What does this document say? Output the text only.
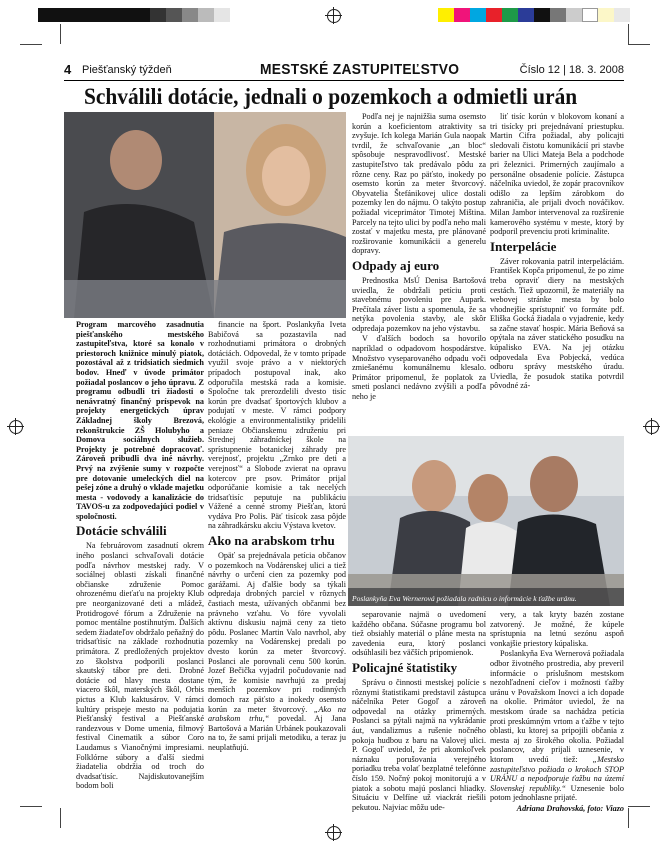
4 Piešťanský týždeň	MESTSKÉ ZASTUPITEĽSTVO	Číslo 12 | 18. 3. 2008
Schválili dotácie, jednali o pozemkoch a odmietli urán

Program marcového zasadnutia piešťanského mestského zastupiteľstva, ktoré sa konalo v priestoroch knižnice minulý piatok, pozostával až z tridsiatich siedmich bodov. Hneď v úvode primátor požiadal poslancov o jeho úpravu. Z programu odbudli tri žiadosti o nenávratný finančný príspevok na projekty energetických úprav Základnej školy Brezová, rekonštrukcie ZŠ Holubyho a Domova sociálnych služieb. Projekty je potrebné dopracovať. Zároveň pribudli dva iné návrhy. Prvý na zvýšenie sumy v rozpočte pre dotovanie umeleckých diel na pešej zóne a druhý o vklade majetku mesta - vodovody a kanalizácie do TAVOS-u za zodpovedajúci podiel v spoločnosti.

Dotácie schválili

Na februárovom zasadnutí okrem iného poslanci schvaľovali dotácie podľa návrhov mestskej rady. V sociálnej oblasti získali finančné občianske združenie Pomoc ohrozenému dieťaťu na projekty Klub pre neorganizované deti a mládež, Protidrogové fórum a Združenie na pomoc mentálne postihnutým. Ďalších sedem žiadateľov obdržalo peňažný do tridsaťtisíc na základe rozhodnutia primátora. Z predložených projektov zo školstva podporili poslanci skautský tábor pre deti. Drobné dotácie od hlavy mesta dostane viacero škôl, materských škôl, Orbis pictus a Klub kaktusárov. V rámci kultúry prispeje mesto na podujatia Piešťanský festival a Piešťanské randezvous v Dome umenia, filmový festival Cinematik a súbor Coro Laudamus s Vianočnými impresiami. Folklórne súbory a ďalší siedmi žiadatelia obdržia od troch do dvadsaťtisíc. Najdiskutovanejším bodom boli

financie na šport. Poslankyňa Iveta Babičová sa pozastavila nad rozhodnutiami primátora o drobných dotáciách. Odpovedal, že v tomto prípade využil svoje právo a v niektorých prípadoch postupoval inak, ako odporučila mestská rada a komisie. Spoločne tak prerozdelili dvesto tisíc korún pre dvadsať športových klubov a podujatí v meste. V rámci podpory ekológie a environmentalistiky pridelili peniaze Občianskemu združeniu pri Strednej záhradníckej škole na sprístupnenie botanickej záhrady pre verejnosť, projektu „Zrnko pre deti a verejnosť“ a Slobode zvierat na opravu kotercov pre psov. Primátor prijal odporúčanie komisie a tak necelých tridsaťtisíc peputuje na publikáciu Vážené a cenné stromy Piešťan, ktorú vydáva Pro Polis. Päť tisícok zasa pôjde na záhradkársku akciu Výstava kvetov.

Ako na arabskom trhu

Opäť sa prejednávala petícia občanov o pozemkoch na Vodárenskej ulici a tiež návrhy o určení cien za pozemky pod garážami. Aj ďalšie body sa týkali odpredaja drobných parciel v rôznych častiach mesta, užívaných občanmi bez právneho vzťahu. Vo fóre vyvolali aktívnu diskusiu najmä ceny za tieto pôdu. Poslanec Martin Valo navrhol, aby pozemky na Vodárenskej predali po dvesto korún za meter štvorcový. Poslanci ale porovnali cenu 500 korún. Jozef Bečička vyjadril počudovanie nad tým, že komisie navrhujú za predaj menších pozemkov pri rodinných domoch raz päťsto a inokedy osemsto korún za meter štvorcový. „Ako na arabskom trhu,“ povedal. Aj Jana Bartošová a Marián Urbánek poukazovali na to, že sami prijali metodiku, a teraz ju neuplatňujú.

Podľa nej je najnižšia suma osemsto korún a koeficientom atraktivity sa zvyšuje. Ich kolega Marián Gula naopak tvrdil, že schvaľovanie „an bloc“ spôsobuje nespravodlivosť. Mestské zastupiteľstvo tak predávalo pôdu za rôzne ceny. Raz po päťsto, inokedy po osemsto korún za meter štvorcový. Obyvatelia Štefánikovej ulice dostali pozemky len do nájmu. O takýto postup požiadal viceprimátor Timotej Miština. Parcely na tejto ulici by podľa neho mali zostať v majetku mesta, pre plánované rozširovanie komunikácii a generelu dopravy.

Odpady aj euro

Prednostka MsÚ Denisa Bartošová uviedla, že obdržali petíciu proti stavebnému povoleniu pre Aupark. Prečítala záver listu a spomenula, že sa netýka povolenia stavby, ale skôr odpredaja pozemkov na jeho výstavbu.

V ďalších bodoch sa hovorilo napríklad o odpadovom hospodárstve. Množstvo vyseparovaného odpadu voči zmiešanému komunálnemu klesalo. Primátor pripomenul, že poplatok za smeti poslanci nedávno zvýšili a podľa neho je

liť tisíc korún v blokovom konaní a tri tisícky pri prejednávaní priestupku. Martin Cifra požiadal, aby policajti sledovali čistotu komunikácií pri stavbe barier na Ulici Mateja Bela a podchode pri železnici. Primerných zaujímalo a personálne obsadenie polície. Zástupca náčelníka uviedol, že zopár pracovníkov odišlo za lepším zárobkom do zahraničia, ale prijali dvoch nováčikov. Milan Jambor intervenoval za rozšírenie kamerového systému v meste, ktorý by podporil prevenciu proti kriminalite.

Interpelácie

Záver rokovania patril interpeláciám. František Kopča pripomenul, že po zime treba opraviť diery na mestských cestách. Tiež upozornil, že materiály na webovej stránke mesta by bolo vhodnejšie sprístupniť vo formáte pdf. Eliška Gocká žiadala o vyjadrenie, kedy sa začne stavať hospic. Mária Beňová sa opýtala na záver statického posudku na kúpalisko EVA. Na jej otázku odpovedala Eva Pobjecká, vedúca odboru správy mestského úradu. Uviedla, že posudok statika potvrdil pôvodné zá-

Poslankyňa Eva Wernerová požiadala radnicu o informácie k ťažbe uránu.

separovanie najmä o uvedomení každého občana. Súčasne programu bol tiež obsiahly materiál o pláne mesta na zavedenia eura, ktorý poslanci odsúhlasili bez väčších pripomienok.

Policajné štatistiky

Správu o činnosti mestskej polície s rôznymi štatistikami predstavil zástupca náčelníka Peter Gogoľ a zároveň odpovedal na otázky primerných. Poslanci sa pýtali najmä na vykrádanie áut, vandalizmus a rušenie nočného pokoja hudbou z baru na Valovej ulici. P. Gogoľ uviedol, že pri akomkoľvek náznaku porušovania verejného poriadku treba volať bezplatné telefónne číslo 159. Nočný pokoj monitorujú a v piatok a sobotu majú poslanci hliadky. Situáciu v Delfíne už viackrát riešili pekutou. Najviac môžu ude-

very, a tak kryty bazén zostane zatvorený. Je možné, že kúpele sprístupnia na letnú sezónu aspoň vonkajšie priestory kúpaliska.

Poslankyňa Eva Wernerová požiadala odbor životného prostredia, aby preveril informácie o príslušnom mestskom nezohľadnení cieľov i možnosti ťažby uránu v Považskom Inovci a ich dopade na okolie. Primátor uviedol, že na mestskom úrade sa nachádza petícia proti preskúmným vrtom a ťažbe v tejto oblasti, ku ktorej sa pripojili občania z mesta aj zo širokého okolia. Požiadal poslancov, aby prijali uznesenie, v ktorom uvedú tiež: „Mestsko zastupiteľstvo požiada o krokoch STOP URÁNU a nepodporuje ťažbu na území Slovenskej republiky.“ Uznesenie bolo potom jednohlasne prijaté.

Adriana Drahovská, foto: Viazo
